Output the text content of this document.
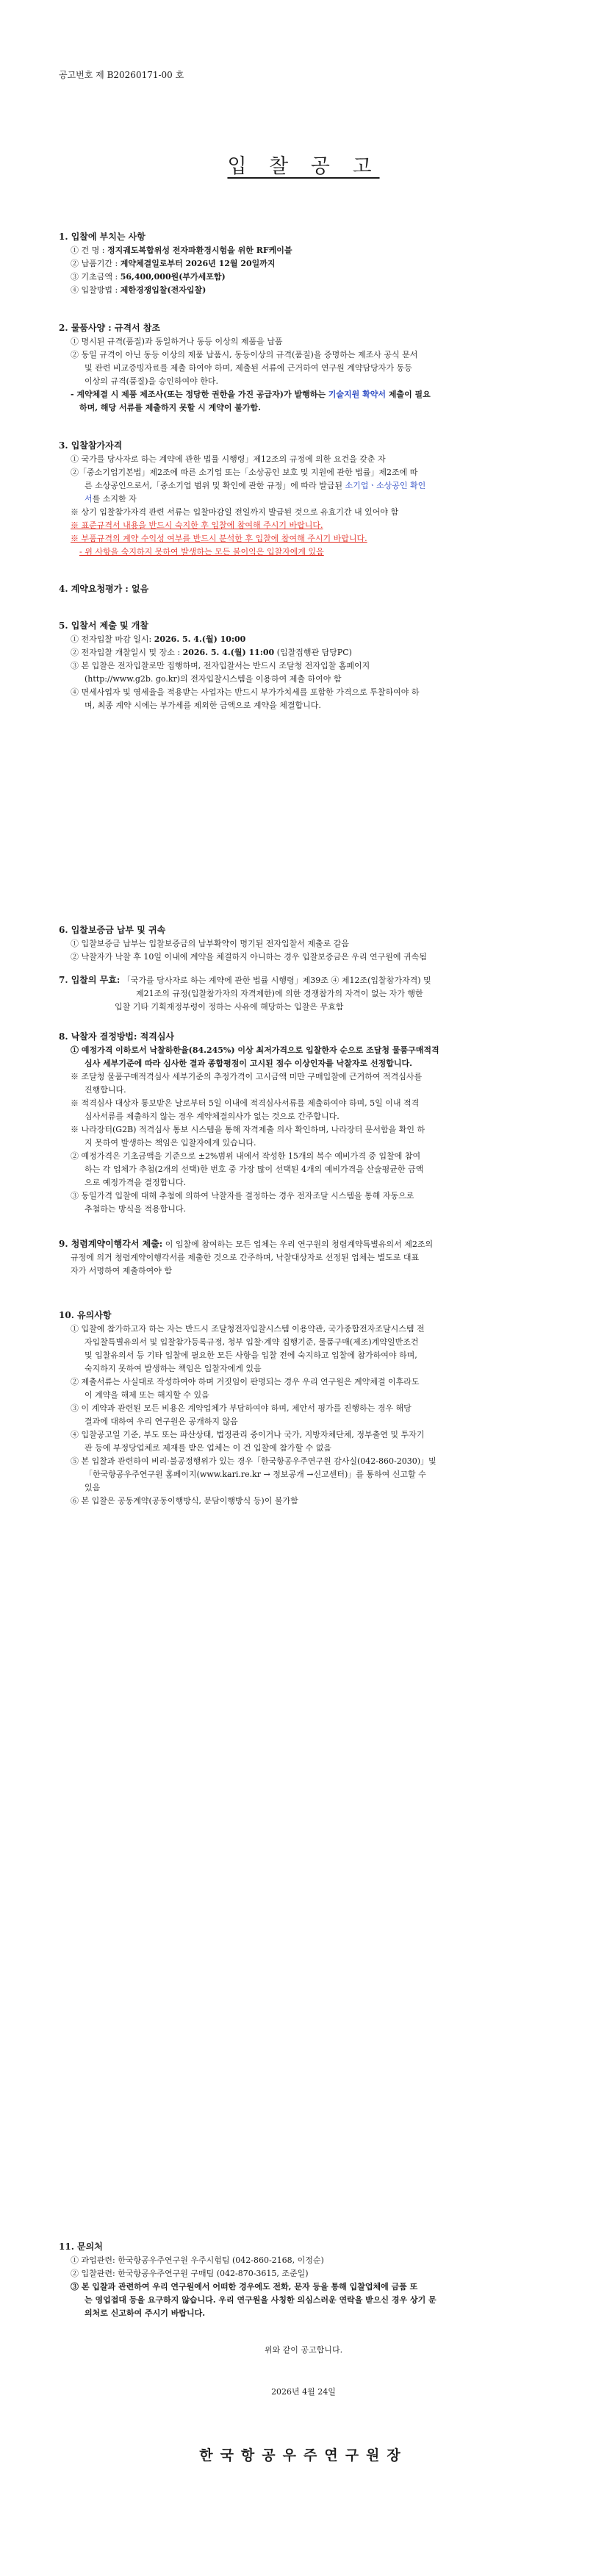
공고번호 제 B20260171-00 호
입 찰 공 고
1. 입찰에 부치는 사항
① 건 명 : 정지궤도복합위성 전자파환경시험을 위한 RF케이블
② 납품기간 : 계약체결일로부터 2026년 12월 20일까지
③ 기초금액 : 56,400,000원(부가세포함)
④ 입찰방법 : 제한경쟁입찰(전자입찰)
2. 물품사양 : 규격서 참조
① 명시된 규격(품질)과 동일하거나 동등 이상의 제품을 납품
② 동일 규격이 아닌 동등 이상의 제품 납품시, 동등이상의 규격(품질)을 증명하는 제조사 공식 문서
및 관련 비교증빙자료를 제출 하여야 하며, 제출된 서류에 근거하여 연구원 계약담당자가 동등
이상의 규격(품질)을 승인하여야 한다.
- 계약체결 시 제품 제조사(또는 정당한 권한을 가진 공급자)가 발행하는 기술지원 확약서 제출이 필요
하며, 해당 서류를 제출하지 못할 시 계약이 불가함.
3. 입찰참가자격
① 국가를 당사자로 하는 계약에 관한 법률 시행령」제12조의 규정에 의한 요건을 갖춘 자
②「중소기업기본법」제2조에 따른 소기업 또는「소상공인 보호 및 지원에 관한 법률」제2조에 따
른 소상공인으로서,「중소기업 범위 및 확인에 관한 규정」에 따라 발급된 소기업ㆍ소상공인 확인
서를 소지한 자
※ 상기 입찰참가자격 관련 서류는 입찰마감일 전일까지 발급된 것으로 유효기간 내 있어야 함
※ 표준규격서 내용을 반드시 숙지한 후 입찰에 참여해 주시기 바랍니다.
※ 부품규격의 계약 수익성 여부를 반드시 분석한 후 입찰에 참여해 주시기 바랍니다.
- 위 사항을 숙지하지 못하여 발생하는 모든 불이익은 입찰자에게 있음
4. 계약요청평가 : 없음
5. 입찰서 제출 및 개찰
① 전자입찰 마감 일시: 2026. 5. 4.(월) 10:00
② 전자입찰 개찰일시 및 장소 : 2026. 5. 4.(월) 11:00 (입찰집행관 담당PC)
③ 본 입찰은 전자입찰로만 집행하며, 전자입찰서는 반드시 조달청 전자입찰 홈페이지
(http://www.g2b. go.kr)의 전자입찰시스템을 이용하여 제출 하여야 함
④ 면세사업자 및 영세율을 적용받는 사업자는 반드시 부가가치세를 포함한 가격으로 투찰하여야 하
며, 최종 계약 시에는 부가세를 제외한 금액으로 계약을 체결합니다.
6. 입찰보증금 납부 및 귀속
① 입찰보증금 납부는 입찰보증금의 납부확약이 명기된 전자입찰서 제출로 갈음
② 낙찰자가 낙찰 후 10일 이내에 계약을 체결하지 아니하는 경우 입찰보증금은 우리 연구원에 귀속됨
7. 입찰의 무효: 「국가를 당사자로 하는 계약에 관한 법률 시행령」제39조 ④ 제12조(입찰참가자격) 및
제21조의 규정(입찰참가자의 자격제한)에 의한 경쟁참가의 자격이 없는 자가 행한
입찰 기타 기획재정부령이 정하는 사유에 해당하는 입찰은 무효함
8. 낙찰자 결정방법: 적격심사
① 예정가격 이하로서 낙찰하한율(84.245%) 이상 최저가격으로 입찰한자 순으로 조달청 물품구매적격
심사 세부기준에 따라 심사한 결과 종합평점이 고시된 점수 이상인자를 낙찰자로 선정합니다.
※ 조달청 물품구매적격심사 세부기준의 추정가격이 고시금액 미만 구매입찰에 근거하여 적격심사를
진행합니다.
※ 적격심사 대상자 통보받은 날로부터 5일 이내에 적격심사서류를 제출하여야 하며, 5일 이내 적격
심사서류를 제출하지 않는 경우 계약체결의사가 없는 것으로 간주합니다.
※ 나라장터(G2B) 적격심사 통보 시스템을 통해 자격제출 의사 확인하며, 나라장터 문서함을 확인 하
지 못하여 발생하는 책임은 입찰자에게 있습니다.
② 예정가격은 기초금액을 기준으로 ±2%범위 내에서 작성한 15개의 복수 예비가격 중 입찰에 참여
하는 각 업체가 추첨(2개의 선택)한 번호 중 가장 많이 선택된 4개의 예비가격을 산술평균한 금액
으로 예정가격을 결정합니다.
③ 동일가격 입찰에 대해 추첨에 의하여 낙찰자를 결정하는 경우 전자조달 시스템을 통해 자동으로
추첨하는 방식을 적용합니다.
9. 청렴계약이행각서 제출: 이 입찰에 참여하는 모든 업체는 우리 연구원의 청렴계약특별유의서 제2조의
규정에 의거 청렴계약이행각서를 제출한 것으로 간주하며, 낙찰대상자로 선정된 업체는 별도로 대표
자가 서명하여 제출하여야 함
10. 유의사항
① 입찰에 참가하고자 하는 자는 반드시 조달청전자입찰시스템 이용약관, 국가종합전자조달시스템 전
자입찰특별유의서 및 입찰참가등록규정, 청부 입찰·계약 집행기준, 물품구매(제조)계약일반조건
및 입찰유의서 등 기타 입찰에 필요한 모든 사항을 입찰 전에 숙지하고 입찰에 참가하여야 하며,
숙지하지 못하여 발생하는 책임은 입찰자에게 있음
② 제출서류는 사실대로 작성하여야 하며 거짓임이 판명되는 경우 우리 연구원은 계약체결 이후라도
이 계약을 해제 또는 해지할 수 있음
③ 이 계약과 관련된 모든 비용은 계약업체가 부담하여야 하며, 제안서 평가를 진행하는 경우 해당
결과에 대하여 우리 연구원은 공개하지 않음
④ 입찰공고일 기준, 부도 또는 파산상태, 법정관리 중이거나 국가, 지방자체단체, 정부출연 및 투자기
관 등에 부정당업체로 제재를 받은 업체는 이 건 입찰에 참가할 수 없음
⑤ 본 입찰과 관련하여 비리·불공정행위가 있는 경우「한국항공우주연구원 감사실(042-860-2030)」및
「한국항공우주연구원 홈페이지(www.kari.re.kr → 정보공개 →신고센터)」를 통하여 신고할 수
있음
⑥ 본 입찰은 공동계약(공동이행방식, 분담이행방식 등)이 불가함
11. 문의처
① 과업관련: 한국항공우주연구원 우주시험팀 (042-860-2168, 이정순)
② 입찰관련: 한국항공우주연구원 구매팀 (042-870-3615, 조준일)
③ 본 입찰과 관련하여 우리 연구원에서 어떠한 경우에도 전화, 문자 등을 통해 입찰업체에 금품 또
는 영업접대 등을 요구하지 않습니다. 우리 연구원을 사칭한 의심스러운 연락을 받으신 경우 상기 문
의처로 신고하여 주시기 바랍니다.
위와 같이 공고합니다.
2026년 4월 24일
한국항공우주연구원장
